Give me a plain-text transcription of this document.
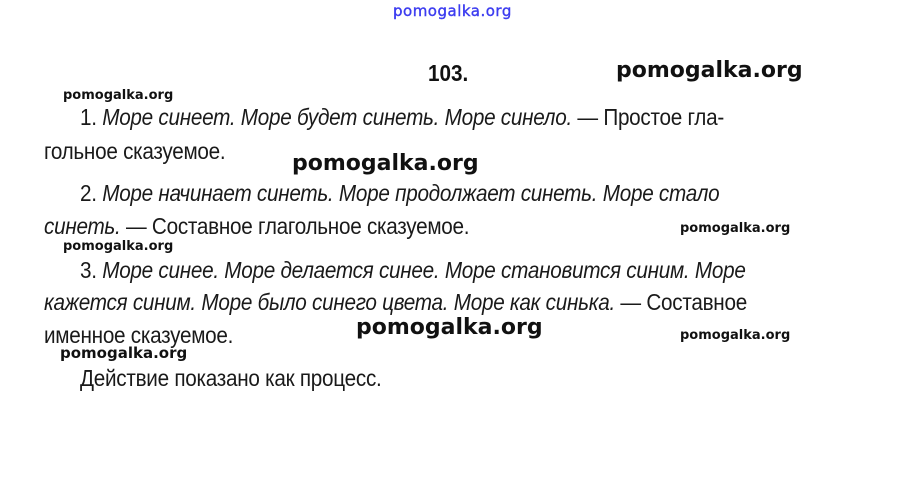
pomogalka.org
103.	pomogalka.org
pomogalka.org
1. Море синеет. Море будет синеть. Море синело. — Простое гла-
гольное сказуемое.	pomogalka.org
2. Море начинает синеть. Море продолжает синеть. Море стало
синеть. — Составное глагольное сказуемое.	pomogalka.org
pomogalka.org
3. Море синее. Море делается синее. Море становится синим. Море
кажется синим. Море было синего цвета. Море как синька. — Составное
именное сказуемое.	pomogalka.org	pomogalka.org
pomogalka.org
Действие показано как процесс.
